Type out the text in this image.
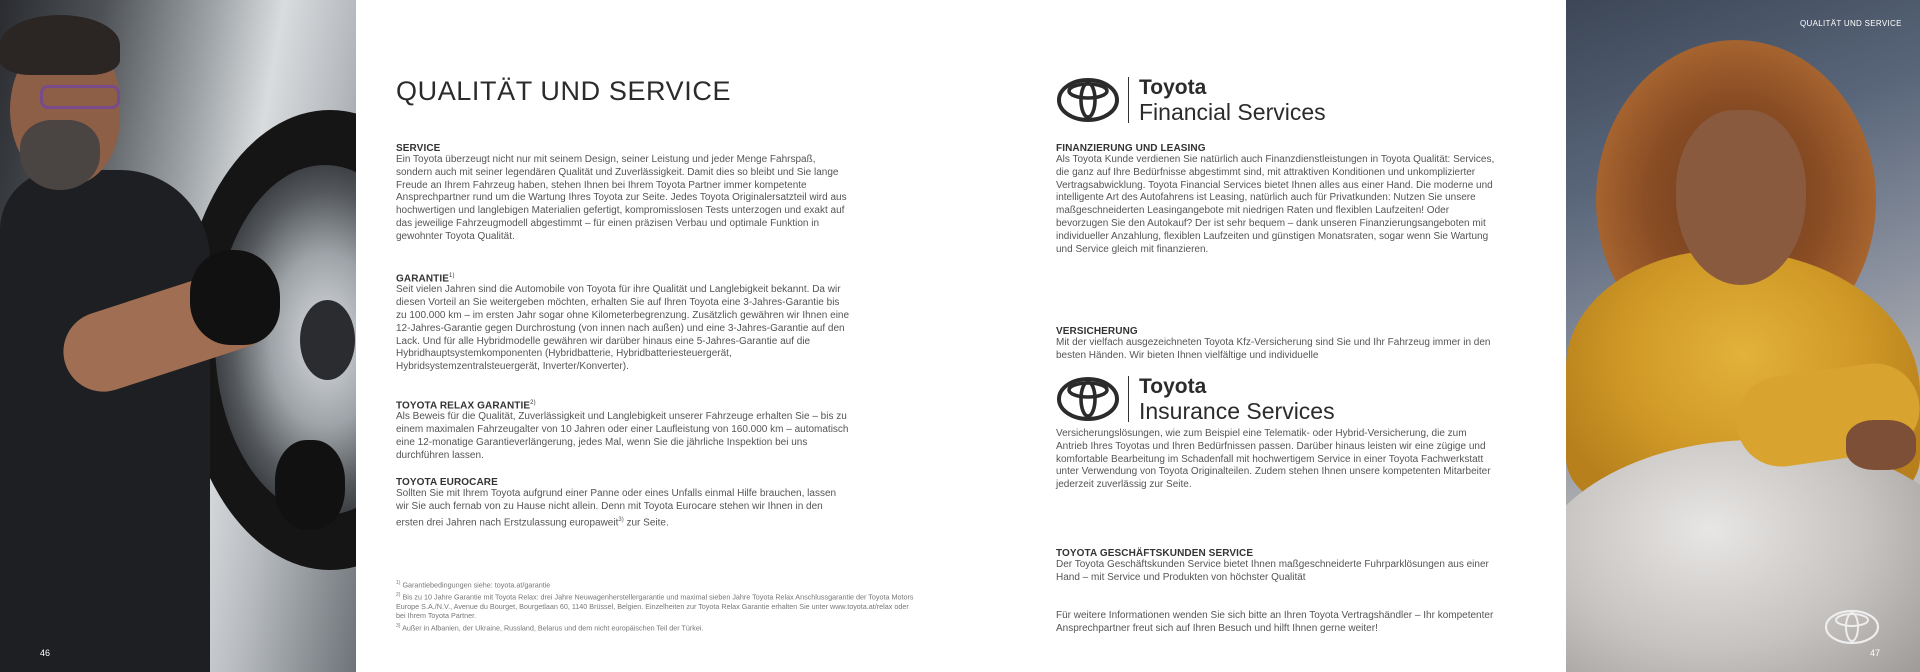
46
QUALITÄT UND SERVICE
47
QUALITÄT UND SERVICE
SERVICE
Ein Toyota überzeugt nicht nur mit seinem Design, seiner Leistung und jeder Menge Fahrspaß, sondern auch mit seiner legendären Qualität und Zuverlässigkeit. Damit dies so bleibt und Sie lange Freude an Ihrem Fahrzeug haben, stehen Ihnen bei Ihrem Toyota Partner immer kompetente Ansprechpartner rund um die Wartung Ihres Toyota zur Seite. Jedes Toyota Originalersatzteil wird aus hochwertigen und langlebigen Materialien gefertigt, kompromisslosen Tests unterzogen und exakt auf das jeweilige Fahrzeugmodell abgestimmt – für einen präzisen Verbau und optimale Funktion in gewohnter Toyota Qualität.
GARANTIE$^{1)}$
Seit vielen Jahren sind die Automobile von Toyota für ihre Qualität und Langlebigkeit bekannt. Da wir diesen Vorteil an Sie weitergeben möchten, erhalten Sie auf Ihren Toyota eine 3-Jahres-Garantie bis zu 100.000 km – im ersten Jahr sogar ohne Kilometerbegrenzung. Zusätzlich gewähren wir Ihnen eine 12-Jahres-Garantie gegen Durchrostung (von innen nach außen) und eine 3-Jahres-Garantie auf den Lack. Und für alle Hybridmodelle gewähren wir darüber hinaus eine 5-Jahres-Garantie auf die Hybridhauptsystemkomponenten (Hybridbatterie, Hybridbatteriesteuergerät, Hybridsystemzentralsteuergerät, Inverter/Konverter).
TOYOTA RELAX GARANTIE$^{2)}$
Als Beweis für die Qualität, Zuverlässigkeit und Langlebigkeit unserer Fahrzeuge erhalten Sie – bis zu einem maximalen Fahrzeugalter von 10 Jahren oder einer Laufleistung von 160.000 km – automatisch eine 12-monatige Garantieverlängerung, jedes Mal, wenn Sie die jährliche Inspektion bei uns durchführen lassen.
TOYOTA EUROCARE
Sollten Sie mit Ihrem Toyota aufgrund einer Panne oder eines Unfalls einmal Hilfe brauchen, lassen wir Sie auch fernab von zu Hause nicht allein. Denn mit Toyota Eurocare stehen wir Ihnen in den ersten drei Jahren nach Erstzulassung europaweit$^{3)}$ zur Seite.
$^{1)}$ Garantiebedingungen siehe: toyota.at/garantie
$^{2)}$ Bis zu 10 Jahre Garantie mit Toyota Relax: drei Jahre Neuwagenherstellergarantie und maximal sieben Jahre Toyota Relax Anschlussgarantie der Toyota Motors Europe S.A./N.V., Avenue du Bourget, Bourgetlaan 60, 1140 Brüssel, Belgien. Einzelheiten zur Toyota Relax Garantie erhalten Sie unter www.toyota.at/relax oder bei Ihrem Toyota Partner.
$^{3)}$ Außer in Albanien, der Ukraine, Russland, Belarus und dem nicht europäischen Teil der Türkei.
Toyota
Financial Services
FINANZIERUNG UND LEASING
Als Toyota Kunde verdienen Sie natürlich auch Finanzdienstleistungen in Toyota Qualität: Services, die ganz auf Ihre Bedürfnisse abgestimmt sind, mit attraktiven Konditionen und unkomplizierter Vertragsabwicklung. Toyota Financial Services bietet Ihnen alles aus einer Hand. Die moderne und intelligente Art des Autofahrens ist Leasing, natürlich auch für Privatkunden: Nutzen Sie unsere maßgeschneiderten Leasingangebote mit niedrigen Raten und flexiblen Laufzeiten! Oder bevorzugen Sie den Autokauf? Der ist sehr bequem – dank unseren Finanzierungsangeboten mit individueller Anzahlung, flexiblen Laufzeiten und günstigen Monatsraten, sogar wenn Sie Wartung und Service gleich mit finanzieren.
VERSICHERUNG
Mit der vielfach ausgezeichneten Toyota Kfz-Versicherung sind Sie und Ihr Fahrzeug immer in den besten Händen. Wir bieten Ihnen vielfältige und individuelle
Toyota
Insurance Services
Versicherungslösungen, wie zum Beispiel eine Telematik- oder Hybrid-Versicherung, die zum Antrieb Ihres Toyotas und Ihren Bedürfnissen passen. Darüber hinaus leisten wir eine zügige und komfortable Bearbeitung im Schadenfall mit hochwertigem Service in einer Toyota Fachwerkstatt unter Verwendung von Toyota Originalteilen. Zudem stehen Ihnen unsere kompetenten Mitarbeiter jederzeit zuverlässig zur Seite.
TOYOTA GESCHÄFTSKUNDEN SERVICE
Der Toyota Geschäftskunden Service bietet Ihnen maßgeschneiderte Fuhrparklösungen aus einer Hand – mit Service und Produkten von höchster Qualität
Für weitere Informationen wenden Sie sich bitte an Ihren Toyota Vertragshändler – Ihr kompetenter Ansprechpartner freut sich auf Ihren Besuch und hilft Ihnen gerne weiter!
